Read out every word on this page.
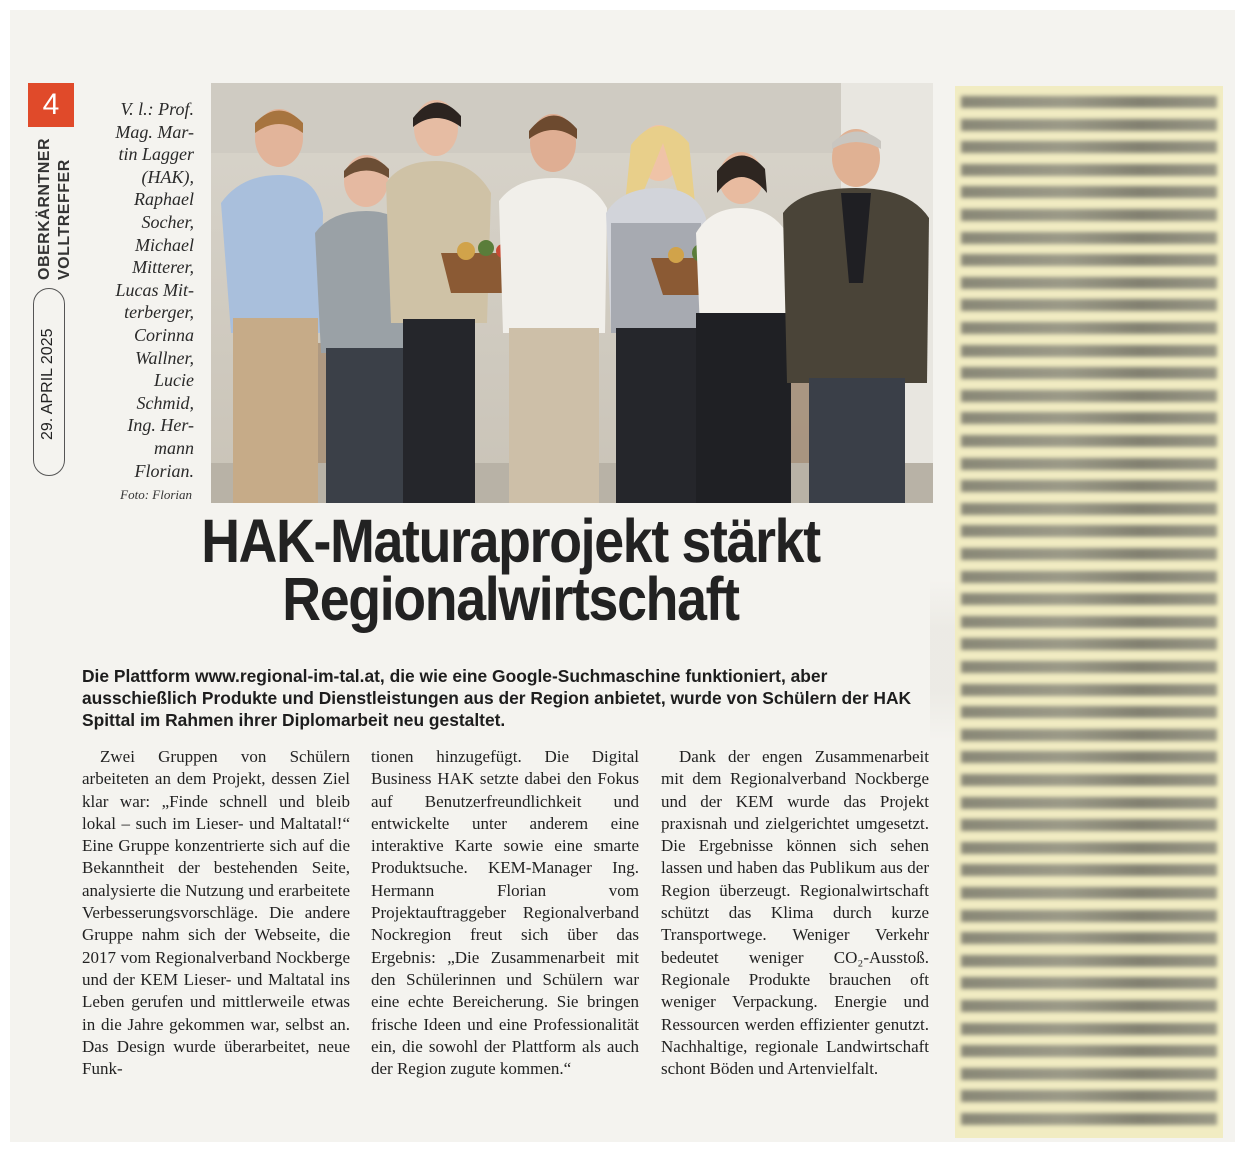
4
OBERKÄRNTNER VOLLTREFFER
29. APRIL 2025
V. l.: Prof.
Mag. Mar-
tin Lagger
(HAK),
Raphael
Socher,
Michael
Mitterer,
Lucas Mit-
terberger,
Corinna
Wallner,
Lucie
Schmid,
Ing. Her-
mann
Florian.
Foto: Florian
HAK-Maturaprojekt stärkt
Regionalwirtschaft
Die Plattform www.regional-im-tal.at, die wie eine Google-Suchmaschine funktioniert, aber ausschießlich Produkte und Dienstleistungen aus der Region anbietet, wurde von Schülern der HAK Spittal im Rahmen ihrer Diplomarbeit neu gestaltet.

Zwei Gruppen von Schülern arbeiteten an dem Projekt, dessen Ziel klar war: „Finde schnell und bleib lokal – such im Lieser- und Maltatal!“ Eine Gruppe konzentrierte sich auf die Bekanntheit der bestehenden Seite, analysierte die Nutzung und erarbeitete Verbesserungsvorschläge. Die andere Gruppe nahm sich der Webseite, die 2017 vom Regionalverband Nockberge und der KEM Lieser- und Maltatal ins Leben gerufen und mittlerweile etwas in die Jahre gekommen war, selbst an. Das Design wurde überarbeitet, neue Funk-

tionen hinzugefügt. Die Digital Business HAK setzte dabei den Fokus auf Benutzerfreundlichkeit und entwickelte unter anderem eine interaktive Karte sowie eine smarte Produktsuche. KEM-Manager Ing. Hermann Florian vom Projektauftraggeber Regionalverband Nockregion freut sich über das Ergebnis: „Die Zusammenarbeit mit den Schülerinnen und Schülern war eine echte Bereicherung. Sie bringen frische Ideen und eine Professionalität ein, die sowohl der Plattform als auch der Region zugute kommen.“

Dank der engen Zusammenarbeit mit dem Regionalverband Nockberge und der KEM wurde das Projekt praxisnah und zielgerichtet umgesetzt. Die Ergebnisse können sich sehen lassen und haben das Publikum aus der Region überzeugt. Regionalwirtschaft schützt das Klima durch kurze Transportwege. Weniger Verkehr bedeutet weniger CO₂-Ausstoß. Regionale Produkte brauchen oft weniger Verpackung. Energie und Ressourcen werden effizienter genutzt. Nachhaltige, regionale Landwirtschaft schont Böden und Artenvielfalt.
